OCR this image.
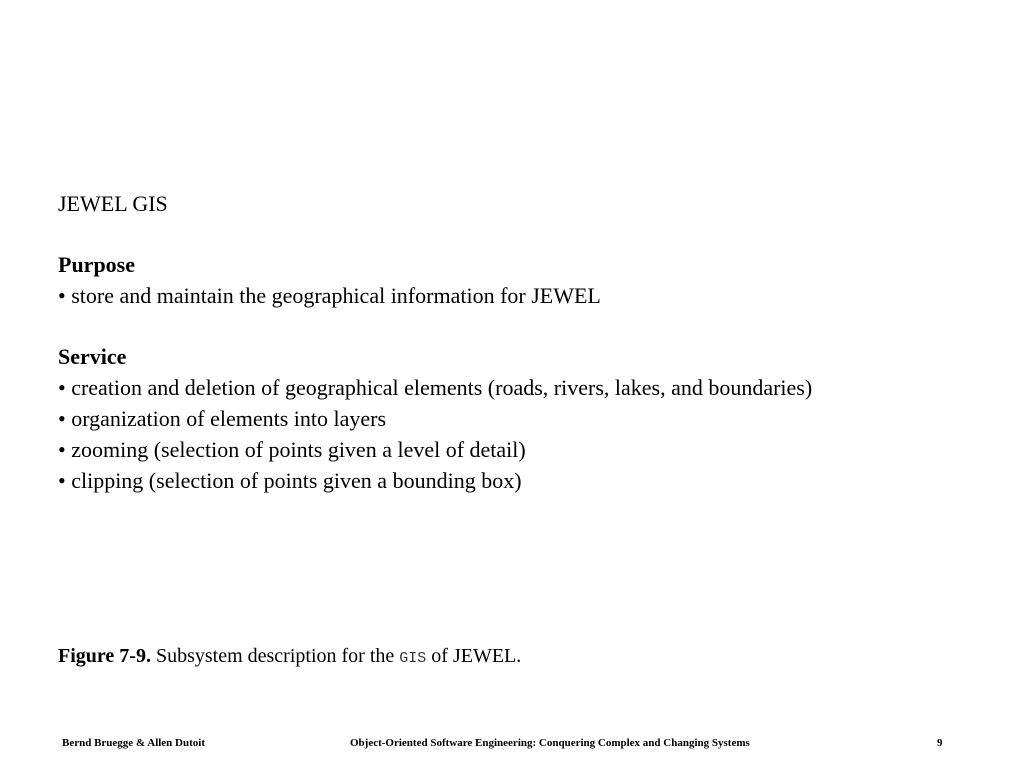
JEWEL GIS
Purpose
• store and maintain the geographical information for JEWEL
Service
• creation and deletion of geographical elements (roads, rivers, lakes, and boundaries)
• organization of elements into layers
• zooming (selection of points given a level of detail)
• clipping (selection of points given a bounding box)
Figure 7-9. Subsystem description for the GIS of JEWEL.
Bernd Bruegge & Allen Dutoit	Object-Oriented Software Engineering: Conquering Complex and Changing Systems	9
